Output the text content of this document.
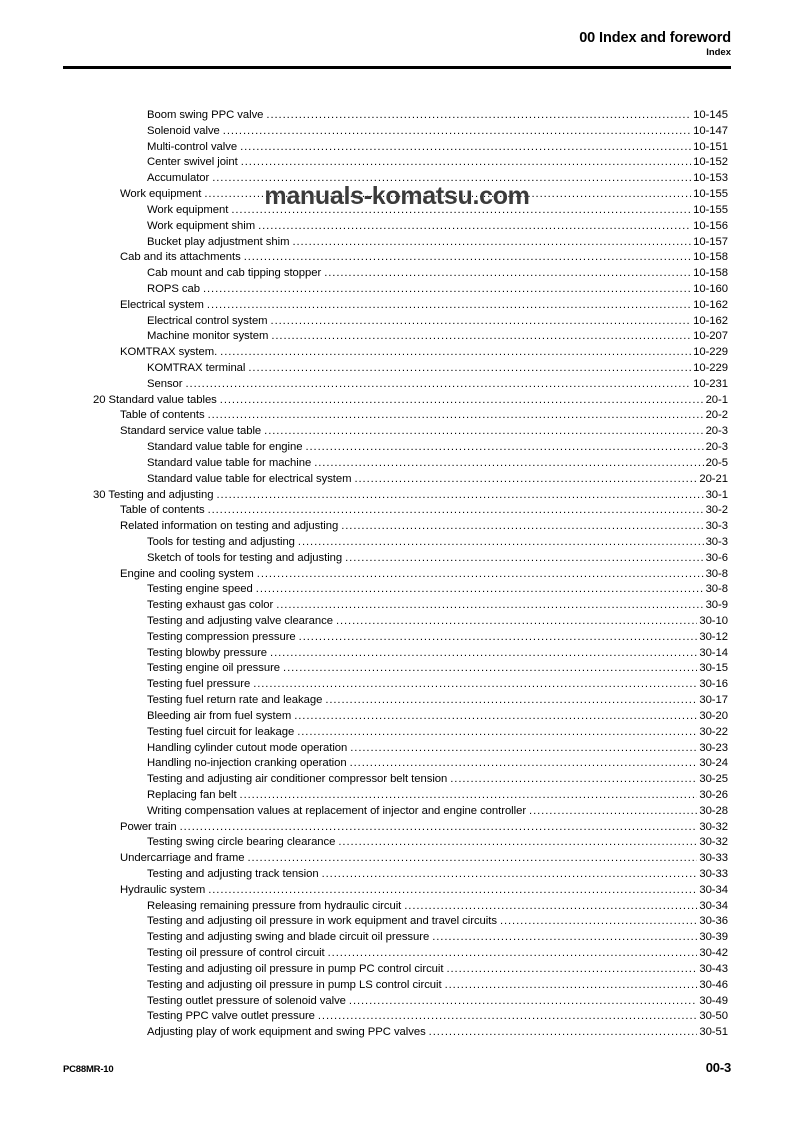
00 Index and foreword
Index
Boom swing PPC valve .....	10-145
Solenoid valve .....	10-147
Multi-control valve .....	10-151
Center swivel joint .....	10-152
Accumulator .....	10-153
Work equipment .....	10-155
Work equipment .....	10-155
Work equipment shim .....	10-156
Bucket play adjustment shim .....	10-157
Cab and its attachments .....	10-158
Cab mount and cab tipping stopper .....	10-158
ROPS cab .....	10-160
Electrical system .....	10-162
Electrical control system .....	10-162
Machine monitor system .....	10-207
KOMTRAX system. .....	10-229
KOMTRAX terminal .....	10-229
Sensor .....	10-231
20 Standard value tables .....	20-1
Table of contents .....	20-2
Standard service value table .....	20-3
Standard value table for engine .....	20-3
Standard value table for machine .....	20-5
Standard value table for electrical system .....	20-21
30 Testing and adjusting .....	30-1
Table of contents .....	30-2
Related information on testing and adjusting .....	30-3
Tools for testing and adjusting .....	30-3
Sketch of tools for testing and adjusting .....	30-6
Engine and cooling system .....	30-8
Testing engine speed .....	30-8
Testing exhaust gas color .....	30-9
Testing and adjusting valve clearance .....	30-10
Testing compression pressure .....	30-12
Testing blowby pressure .....	30-14
Testing engine oil pressure .....	30-15
Testing fuel pressure .....	30-16
Testing fuel return rate and leakage .....	30-17
Bleeding air from fuel system .....	30-20
Testing fuel circuit for leakage .....	30-22
Handling cylinder cutout mode operation .....	30-23
Handling no-injection cranking operation .....	30-24
Testing and adjusting air conditioner compressor belt tension .....	30-25
Replacing fan belt .....	30-26
Writing compensation values at replacement of injector and engine controller .....	30-28
Power train .....	30-32
Testing swing circle bearing clearance .....	30-32
Undercarriage and frame .....	30-33
Testing and adjusting track tension .....	30-33
Hydraulic system .....	30-34
Releasing remaining pressure from hydraulic circuit .....	30-34
Testing and adjusting oil pressure in work equipment and travel circuits .....	30-36
Testing and adjusting swing and blade circuit oil pressure .....	30-39
Testing oil pressure of control circuit .....	30-42
Testing and adjusting oil pressure in pump PC control circuit .....	30-43
Testing and adjusting oil pressure in pump LS control circuit .....	30-46
Testing outlet pressure of solenoid valve .....	30-49
Testing PPC valve outlet pressure .....	30-50
Adjusting play of work equipment and swing PPC valves .....	30-51
manuals-komatsu.com
PC88MR-10	00-3
